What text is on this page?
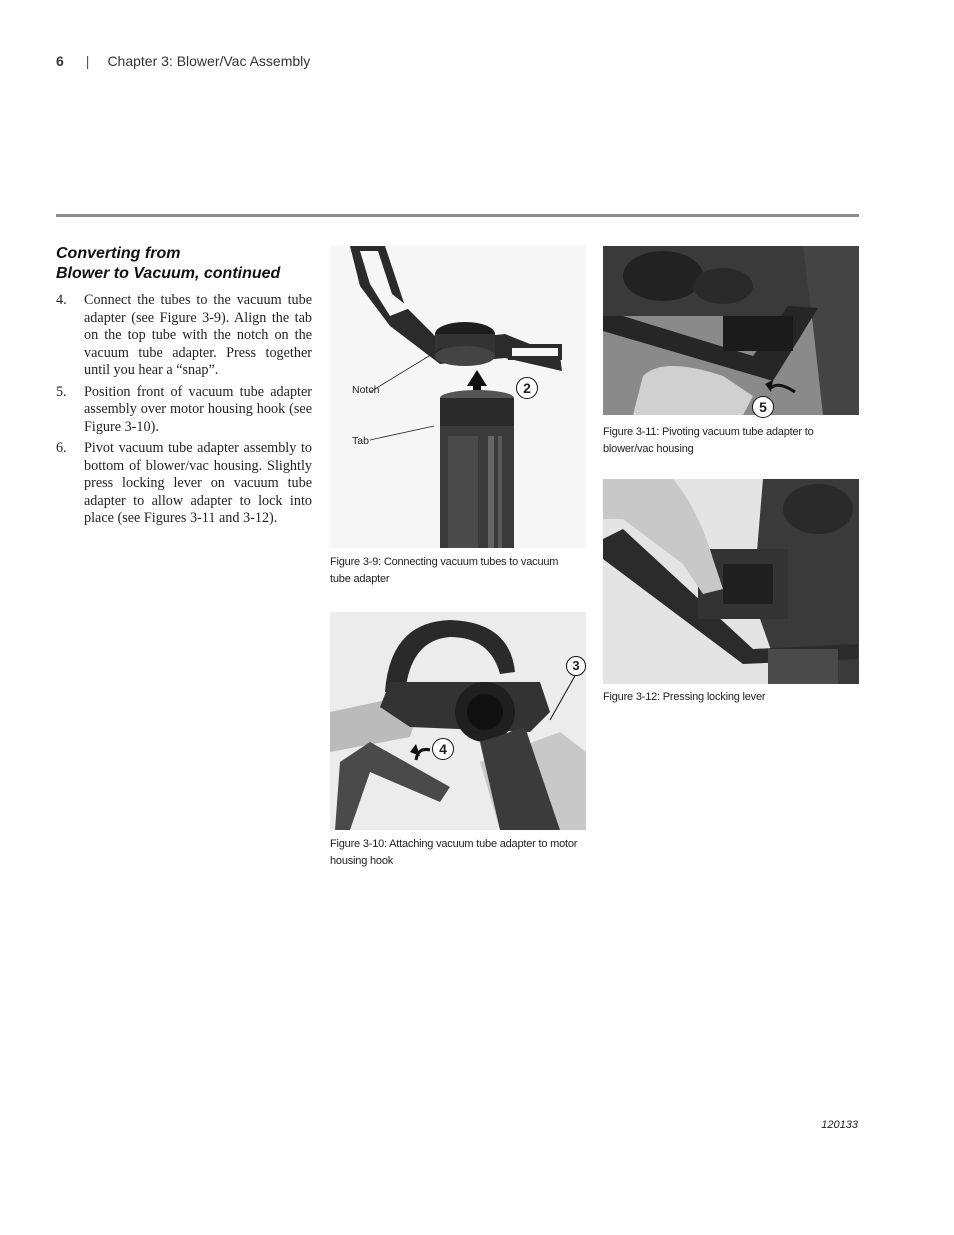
6 | Chapter 3: Blower/Vac Assembly
Converting from
Blower to Vacuum, continued
4. Connect the tubes to the vacuum tube adapter (see Figure 3-9). Align the tab on the top tube with the notch on the vacuum tube adapter. Press together until you hear a “snap”.
5. Position front of vacuum tube adapter assembly over motor housing hook (see Figure 3-10).
6. Pivot vacuum tube adapter assembly to bottom of blower/vac housing. Slightly press locking lever on vacuum tube adapter to allow adapter to lock into place (see Figures 3-11 and 3-12).
Notch
Tab
2
Figure 3-9: Connecting vacuum tubes to vacuum tube adapter
3
4
Figure 3-10: Attaching vacuum tube adapter to motor housing hook
5
Figure 3-11: Pivoting vacuum tube adapter to blower/vac housing
Figure 3-12: Pressing locking lever
120133
